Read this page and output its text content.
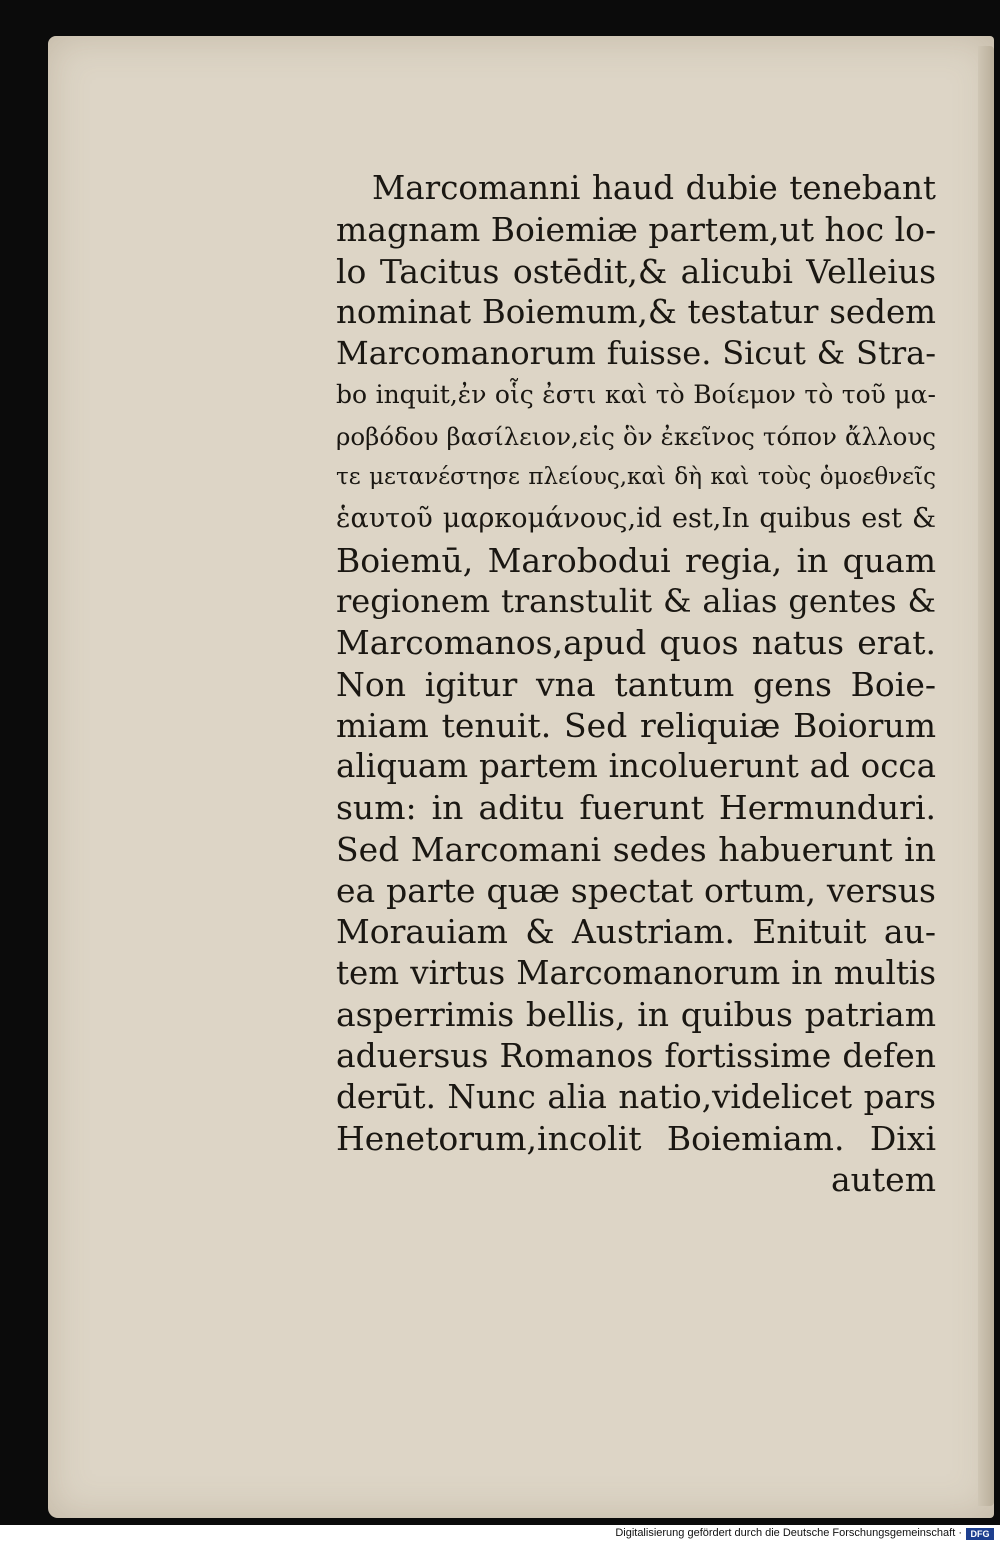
Marcomanni haud dubie tenebant
magnam Boiemiæ partem,ut hoc lo-
lo Tacitus ostēdit,& alicubi Velleius
nominat Boiemum,& testatur sedem
Marcomanorum fuisse. Sicut & Stra-
bo inquit,ἐν οἷς ἐστι καὶ τὸ Βοίεμον τὸ τοῦ μα-
ροβόδου βασίλειον,εἰς ὃν ἐκεῖνος τόπον ἄλλους
τε μετανέστησε πλείους,καὶ δὴ καὶ τοὺς ὁμοεθνεῖς
ἑαυτοῦ μαρκομάνους,id est,In quibus est &
Boiemū, Marobodui regia, in quam
regionem transtulit & alias gentes &
Marcomanos,apud quos natus erat.
Non igitur vna tantum gens Boie-
miam tenuit. Sed reliquiæ Boiorum
aliquam partem incoluerunt ad occa
sum: in aditu fuerunt Hermunduri.
Sed Marcomani sedes habuerunt in
ea parte quæ spectat ortum, versus
Morauiam & Austriam. Enituit au-
tem virtus Marcomanorum in multis
asperrimis bellis, in quibus patriam
aduersus Romanos fortissime defen
derūt. Nunc alia natio,videlicet pars
Henetorum,incolit Boiemiam. Dixi
autem
Digitalisierung gefördert durch die Deutsche Forschungsgemeinschaft · DFG
